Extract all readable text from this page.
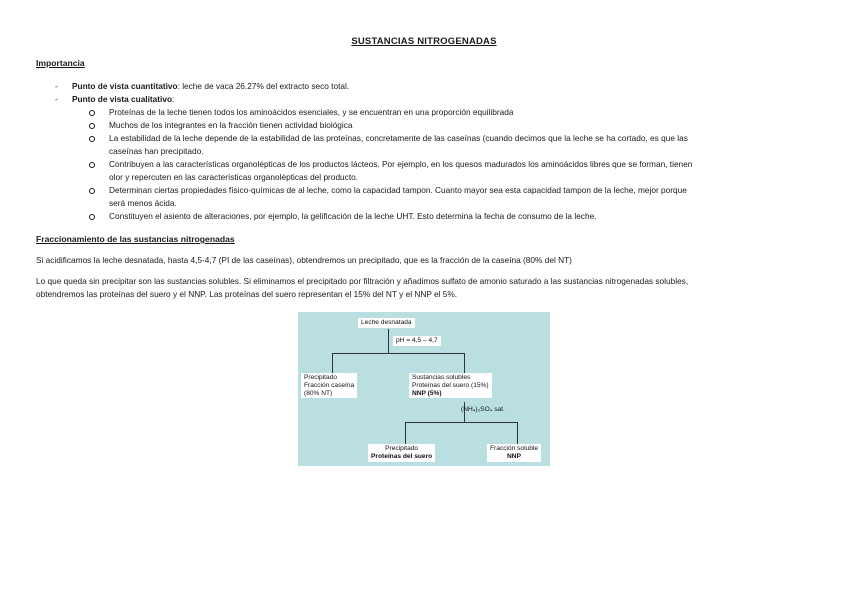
SUSTANCIAS NITROGENADAS
Importancia
- Punto de vista cuantitativo: leche de vaca 26.27% del extracto seco total.
- Punto de vista cualitativo:
Proteínas de la leche tienen todos los aminoácidos esenciales, y se encuentran en una proporción equilibrada
Muchos de los integrantes en la fracción tienen actividad biológica
La estabilidad de la leche depende de la estabilidad de las proteínas, concretamente de las caseínas (cuando decimos que la leche se ha cortado, es que las
caseínas han precipitado.
Contribuyen a las características organolépticas de los productos lácteos. Por ejemplo, en los quesos madurados los aminoácidos libres que se forman, tienen
olor y repercuten en las características organolépticas del producto.
Determinan ciertas propiedades físico-químicas de al leche, como la capacidad tampon. Cuanto mayor sea esta capacidad tampon de la leche, mejor porque
será menos ácida.
Constituyen el asiento de alteraciones, por ejemplo, la gelificación de la leche UHT. Esto determina la fecha de consumo de la leche.
Fraccionamiento de las sustancias nitrogenadas
Si acidificamos la leche desnatada, hasta 4,5-4,7 (PI de las caseínas), obtendremos un precipitado, que es la fracción de la caseína (80% del NT)
Lo que queda sin precipitar son las sustancias solubles. Si eliminamos el precipitado por filtración y añadimos sulfato de amonio saturado a las sustancias nitrogenadas solubles,
obtendremos las proteínas del suero y el NNP. Las proteínas del suero representan el 15% del NT y el NNP el 5%.
Leche desnatada
pH = 4,5 – 4,7
Precipitado
Fracción caseína
(80% NT)
Sustancias solubles
Proteínas del suero (15%)
NNP (5%)
(NH₄)₂SO₄ sat.
Precipitado
Proteínas del suero
Fracción soluble
NNP
